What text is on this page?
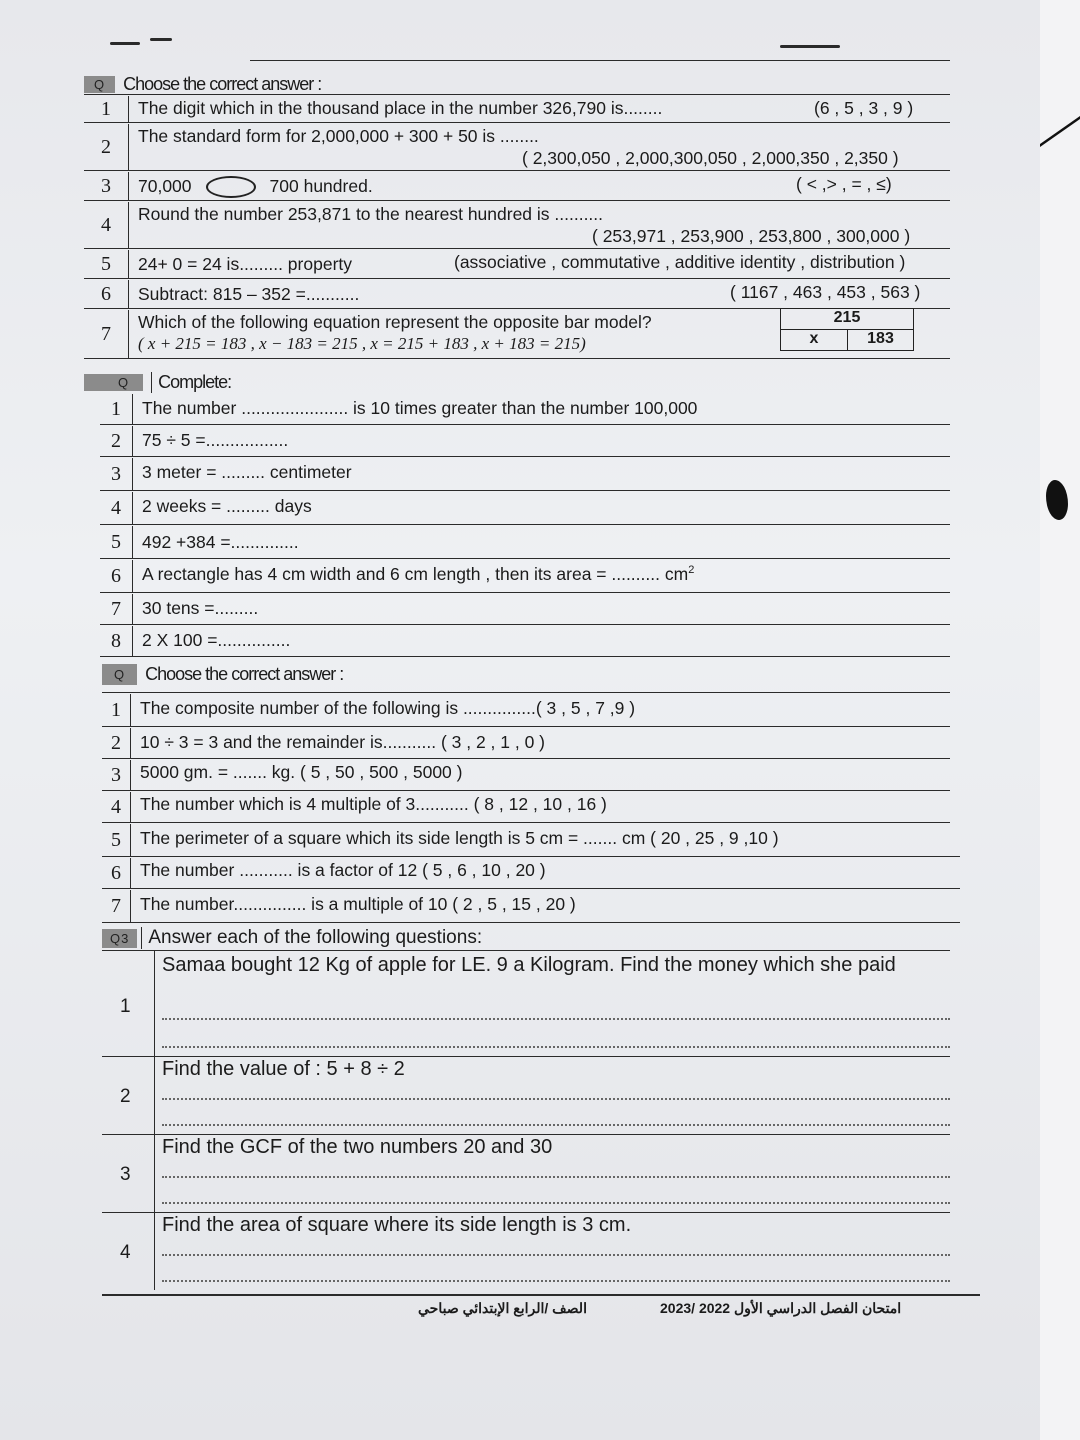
Q	Choose the correct answer :
1	The digit which in the thousand place in the number 326,790 is........	(6 , 5 , 3 , 9 )
2	The standard form for 2,000,000 + 300 + 50 is ........
( 2,300,050 , 2,000,300,050 , 2,000,350 , 2,350 )
3	70,000	700 hundred.	( < ,> , = , ≤)
4	Round the number 253,871 to the nearest hundred is ..........
( 253,971 , 253,900 , 253,800 , 300,000 )
5	24+ 0 = 24 is......... property	(associative , commutative , additive identity , distribution )
6	Subtract: 815 – 352 =...........	( 1167 , 463 , 453 , 563 )
7
Which of the following equation represent the opposite bar model?
( x + 215 = 183 , x − 183 = 215 , x = 215 + 183 , x + 183 = 215)
215
x	183
Q	Complete:
1	The number ...................... is 10 times greater than the number 100,000
2	75 ÷ 5 =.................
3	3 meter = ......... centimeter
4	2 weeks = ......... days
5	492 +384 =..............
6	A rectangle has 4 cm width and 6 cm length , then its area = .......... $cm^2$
7	30 tens =.........
8	2 X 100 =...............
Q	Choose the correct answer :
1	The composite number of the following is ...............( 3 , 5 , 7 ,9 )
2	10 ÷ 3 = 3 and the remainder is........... ( 3 , 2 , 1 , 0 )
3	5000 gm. = ....... kg. ( 5 , 50 , 500 , 5000 )
4	The number which is 4 multiple of 3........... ( 8 , 12 , 10 , 16 )
5	The perimeter of a square which its side length is 5 cm = ....... cm ( 20 , 25 , 9 ,10 )
6	The number ........... is a factor of 12 ( 5 , 6 , 10 , 20 )
7	The number............... is a multiple of 10 ( 2 , 5 , 15 , 20 )
Q3	Answer each of the following questions:
1
Samaa bought 12 Kg of apple for LE. 9 a Kilogram. Find the money which she paid
2
Find the value of : 5 + 8 ÷ 2
3
Find the GCF of the two numbers 20 and 30
4
Find the area of square where its side length is 3 cm.
الصف /الرابع الإبتدائي صباحي	امتحان الفصل الدراسي الأول 2022 /2023
